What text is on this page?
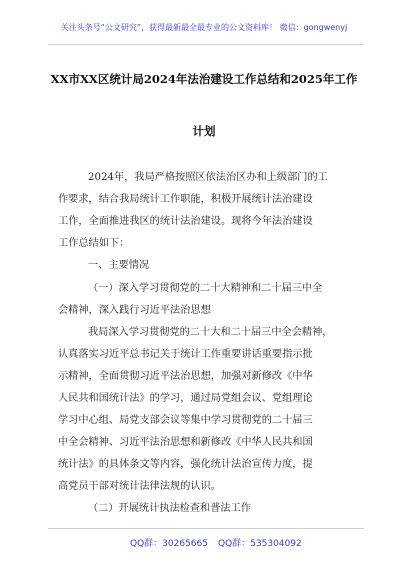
关注头条号“公文研究”，获得最新最全最专业的公文资料库！ 微信：gongwenyj
XX市XX区统计局2024年法治建设工作总结和2025年工作
计划
2024年，我局严格按照区依法治区办和上级部门的工
作要求，结合我局统计工作职能，积极开展统计法治建设
工作，全面推进我区的统计法治建设。现将今年法治建设
工作总结如下：
一、主要情况
（一）深入学习贯彻党的二十大精神和二十届三中全
会精神，深入践行习近平法治思想
我局深入学习贯彻党的二十大和二十届三中全会精神，
认真落实习近平总书记关于统计工作重要讲话重要指示批
示精神，全面贯彻习近平法治思想，加强对新修改《中华
人民共和国统计法》的学习，通过局党组会议、党组理论
学习中心组、局党支部会议等集中学习贯彻党的二十届三
中全会精神、习近平法治思想和新修改《中华人民共和国
统计法》的具体条文等内容，强化统计法治宣传力度，提
高党员干部对统计法律法规的认识。
（二）开展统计执法检查和普法工作
QQ群：30265665 QQ群：535304092
